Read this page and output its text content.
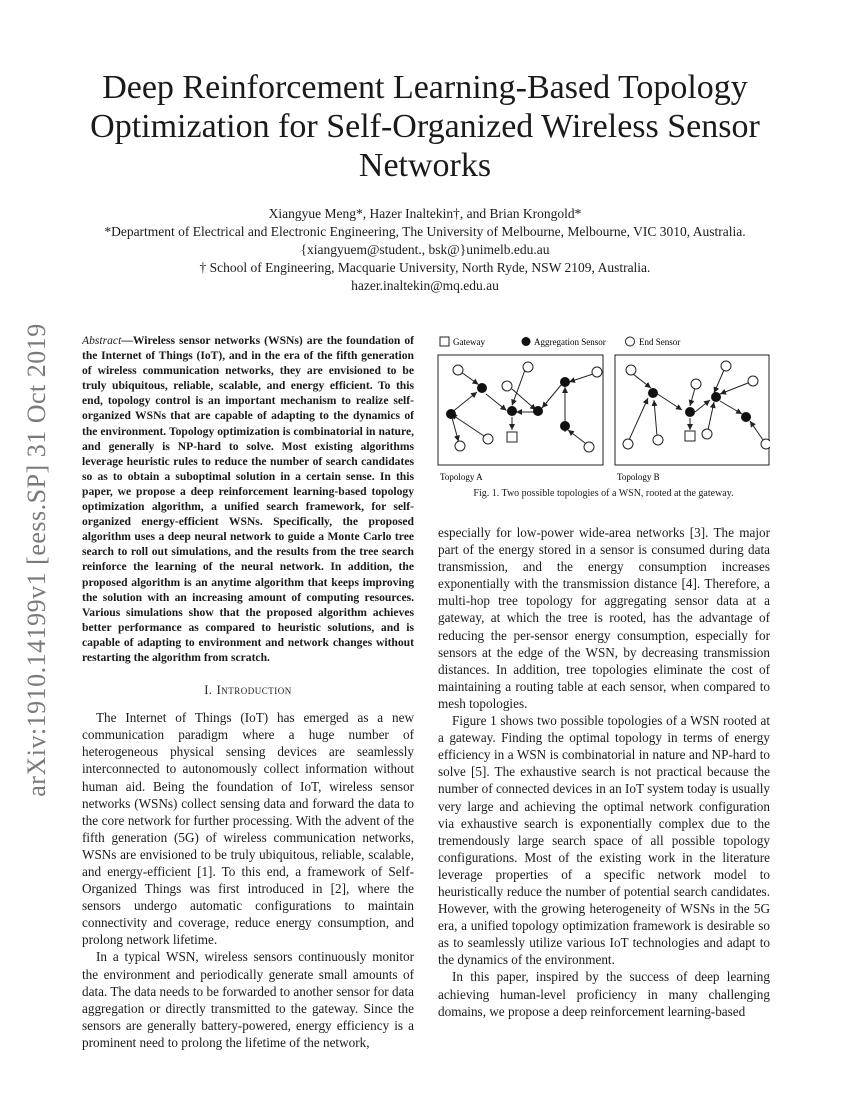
arXiv:1910.14199v1 [eess.SP] 31 Oct 2019
Deep Reinforcement Learning-Based Topology Optimization for Self-Organized Wireless Sensor Networks
Xiangyue Meng*, Hazer Inaltekin†, and Brian Krongold*
*Department of Electrical and Electronic Engineering, The University of Melbourne, Melbourne, VIC 3010, Australia.
{xiangyuem@student., bsk@}unimelb.edu.au
† School of Engineering, Macquarie University, North Ryde, NSW 2109, Australia.
hazer.inaltekin@mq.edu.au

Abstract—Wireless sensor networks (WSNs) are the foundation of the Internet of Things (IoT), and in the era of the fifth generation of wireless communication networks, they are envisioned to be truly ubiquitous, reliable, scalable, and energy efficient. To this end, topology control is an important mechanism to realize self-organized WSNs that are capable of adapting to the dynamics of the environment. Topology optimization is combinatorial in nature, and generally is NP-hard to solve. Most existing algorithms leverage heuristic rules to reduce the number of search candidates so as to obtain a suboptimal solution in a certain sense. In this paper, we propose a deep reinforcement learning-based topology optimization algorithm, a unified search framework, for self-organized energy-efficient WSNs. Specifically, the proposed algorithm uses a deep neural network to guide a Monte Carlo tree search to roll out simulations, and the results from the tree search reinforce the learning of the neural network. In addition, the proposed algorithm is an anytime algorithm that keeps improving the solution with an increasing amount of computing resources. Various simulations show that the proposed algorithm achieves better performance as compared to heuristic solutions, and is capable of adapting to environment and network changes without restarting the algorithm from scratch.

I. Introduction

The Internet of Things (IoT) has emerged as a new communication paradigm where a huge number of heterogeneous physical sensing devices are seamlessly interconnected to autonomously collect information without human aid. Being the foundation of IoT, wireless sensor networks (WSNs) collect sensing data and forward the data to the core network for further processing. With the advent of the fifth generation (5G) of wireless communication networks, WSNs are envisioned to be truly ubiquitous, reliable, scalable, and energy-efficient [1]. To this end, a framework of Self-Organized Things was first introduced in [2], where the sensors undergo automatic configurations to maintain connectivity and coverage, reduce energy consumption, and prolong network lifetime.

In a typical WSN, wireless sensors continuously monitor the environment and periodically generate small amounts of data. The data needs to be forwarded to another sensor for data aggregation or directly transmitted to the gateway. Since the sensors are generally battery-powered, energy efficiency is a prominent need to prolong the lifetime of the network,

Gateway	Aggregation Sensor	End Sensor
Topology A	Topology B
Fig. 1. Two possible topologies of a WSN, rooted at the gateway.

especially for low-power wide-area networks [3]. The major part of the energy stored in a sensor is consumed during data transmission, and the energy consumption increases exponentially with the transmission distance [4]. Therefore, a multi-hop tree topology for aggregating sensor data at a gateway, at which the tree is rooted, has the advantage of reducing the per-sensor energy consumption, especially for sensors at the edge of the WSN, by decreasing transmission distances. In addition, tree topologies eliminate the cost of maintaining a routing table at each sensor, when compared to mesh topologies.

Figure 1 shows two possible topologies of a WSN rooted at a gateway. Finding the optimal topology in terms of energy efficiency in a WSN is combinatorial in nature and NP-hard to solve [5]. The exhaustive search is not practical because the number of connected devices in an IoT system today is usually very large and achieving the optimal network configuration via exhaustive search is exponentially complex due to the tremendously large search space of all possible topology configurations. Most of the existing work in the literature leverage properties of a specific network model to heuristically reduce the number of potential search candidates. However, with the growing heterogeneity of WSNs in the 5G era, a unified topology optimization framework is desirable so as to seamlessly utilize various IoT technologies and adapt to the dynamics of the environment.

In this paper, inspired by the success of deep learning achieving human-level proficiency in many challenging domains, we propose a deep reinforcement learning-based
